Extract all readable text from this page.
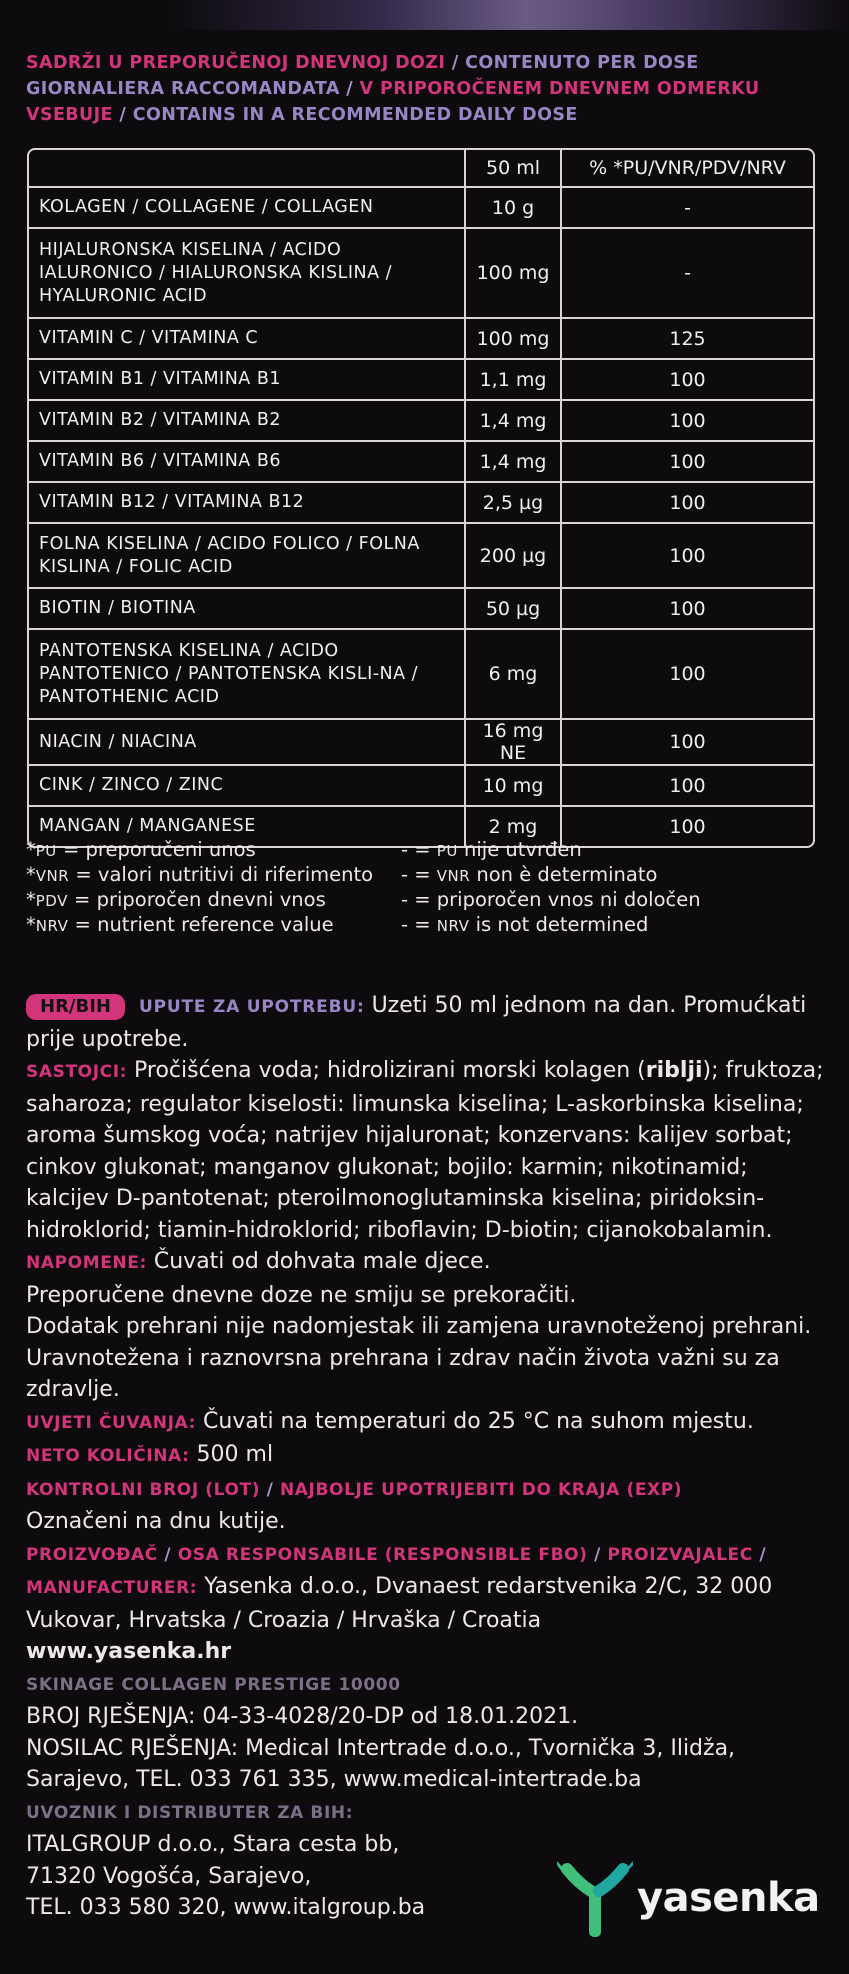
SADRŽI U PREPORUČENOJ DNEVNOJ DOZI / CONTENUTO PER DOSE GIORNALIERA RACCOMANDATA / V PRIPOROČENEM DNEVNEM ODMERKU VSEBUJE / CONTAINS IN A RECOMMENDED DAILY DOSE
	50 ml	% *PU/VNR/PDV/NRV
KOLAGEN / COLLAGENE / COLLAGEN	10 g	-
HIJALURONSKA KISELINA / ACIDO IALURONICO / HIALURONSKA KISLINA / HYALURONIC ACID	100 mg	-
VITAMIN C / VITAMINA C	100 mg	125
VITAMIN B1 / VITAMINA B1	1,1 mg	100
VITAMIN B2 / VITAMINA B2	1,4 mg	100
VITAMIN B6 / VITAMINA B6	1,4 mg	100
VITAMIN B12 / VITAMINA B12	2,5 µg	100
FOLNA KISELINA / ACIDO FOLICO / FOLNA KISLINA / FOLIC ACID	200 µg	100
BIOTIN / BIOTINA	50 µg	100
PANTOTENSKA KISELINA / ACIDO PANTOTENICO / PANTOTENSKA KISLI-NA / PANTOTHENIC ACID	6 mg	100
NIACIN / NIACINA	16 mg NE	100
CINK / ZINCO / ZINC	10 mg	100
MANGAN / MANGANESE	2 mg	100
*PU = preporučeni unos	- = PU nije utvrđen
*VNR = valori nutritivi di riferimento	- = VNR non è determinato
*PDV = priporočen dnevni vnos	- = priporočen vnos ni določen
*NRV = nutrient reference value	- = NRV is not determined

HR/BIH UPUTE ZA UPOTREBU: Uzeti 50 ml jednom na dan. Promućkati prije upotrebe.

SASTOJCI: Pročišćena voda; hidrolizirani morski kolagen (riblji); fruktoza; saharoza; regulator kiselosti: limunska kiselina; L-askorbinska kiselina; aroma šumskog voća; natrijev hijaluronat; konzervans: kalijev sorbat; cinkov glukonat; manganov glukonat; bojilo: karmin; nikotinamid; kalcijev D-pantotenat; pteroilmonoglutaminska kiselina; piridoksin-hidroklorid; tiamin-hidroklorid; riboflavin; D-biotin; cijanokobalamin.

NAPOMENE: Čuvati od dohvata male djece.

Preporučene dnevne doze ne smiju se prekoračiti.

Dodatak prehrani nije nadomjestak ili zamjena uravnoteženoj prehrani.

Uravnotežena i raznovrsna prehrana i zdrav način života važni su za zdravlje.

UVJETI ČUVANJA: Čuvati na temperaturi do 25 °C na suhom mjestu.

NETO KOLIČINA: 500 ml

KONTROLNI BROJ (LOT) / NAJBOLJE UPOTRIJEBITI DO KRAJA (EXP)
Označeni na dnu kutije.

PROIZVOĐAČ / OSA RESPONSABILE (RESPONSIBLE FBO) / PROIZVAJALEC / MANUFACTURER: Yasenka d.o.o., Dvanaest redarstvenika 2/C, 32 000 Vukovar, Hrvatska / Croazia / Hrvaška / Croatia

www.yasenka.hr

SKINAGE COLLAGEN PRESTIGE 10000

BROJ RJEŠENJA: 04-33-4028/20-DP od 18.01.2021.

NOSILAC RJEŠENJA: Medical Intertrade d.o.o., Tvornička 3, Ilidža, Sarajevo, TEL. 033 761 335, www.medical-intertrade.ba

UVOZNIK I DISTRIBUTER ZA BIH:

ITALGROUP d.o.o., Stara cesta bb,

71320 Vogošća, Sarajevo,

TEL. 033 580 320, www.italgroup.ba	yasenka
